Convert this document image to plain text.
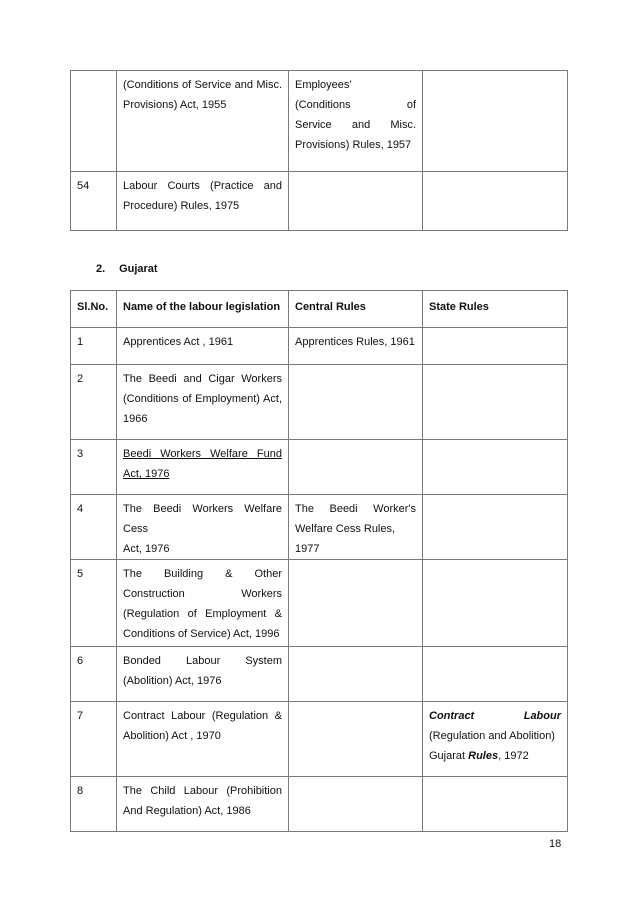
	(Conditions of Service and Misc.
Provisions) Act, 1955	Employees’
(Conditions of
Service and Misc.
Provisions) Rules, 1957	

54	Labour Courts (Practice and
Procedure) Rules, 1975		

2. Gujarat
Sl.No.	Name of the labour legislation	Central Rules	State Rules
1	Apprentices Act , 1961	Apprentices Rules, 1961	

2	The Beedi and Cigar Workers
(Conditions of Employment) Act,
1966		

3	Beedi Workers Welfare Fund
Act, 1976		

4	The Beedi Workers Welfare Cess
Act, 1976	The Beedi Worker's
Welfare Cess Rules, 1977	

5	The Building & Other
Construction Workers
(Regulation of Employment &
Conditions of Service) Act, 1996		

6	Bonded Labour System
(Abolition) Act, 1976		

7	Contract Labour (Regulation &
Abolition) Act , 1970		Contract Labour
(Regulation and Abolition)
Gujarat Rules, 1972

8	The Child Labour (Prohibition
And Regulation) Act, 1986		

18
